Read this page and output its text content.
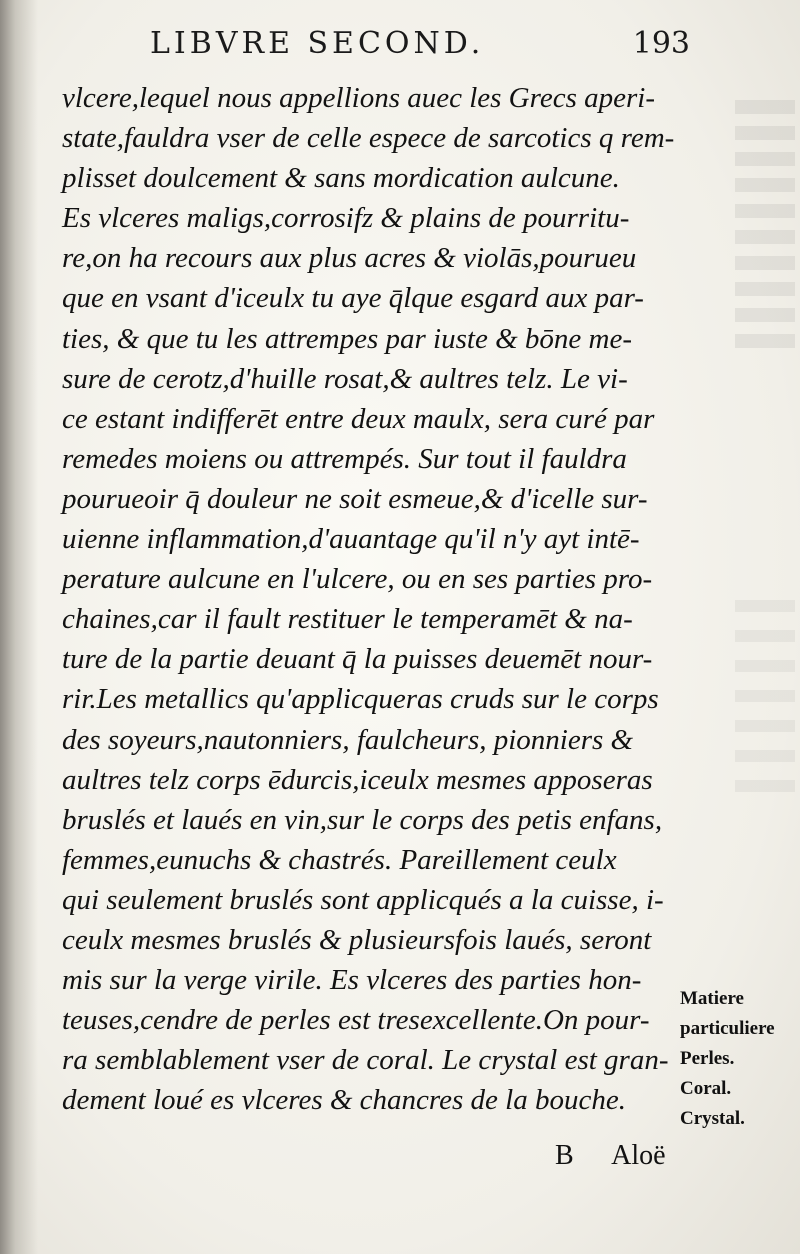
LIBVRE SECOND.	193
vlcere,lequel nous appellions auec les Grecs aperi-
state,fauldra vser de celle espece de sarcotics q rem-
plisset doulcement & sans mordication aulcune.
Es vlceres maligs,corrosifz & plains de pourritu-
re,on ha recours aux plus acres & violās,pourueu
que en vsant d'iceulx tu aye q̄lque esgard aux par-
ties, & que tu les attrempes par iuste & bōne me-
sure de cerotz,d'huille rosat,& aultres telz. Le vi-
ce estant indifferēt entre deux maulx, sera curé par
remedes moiens ou attrempés. Sur tout il fauldra
pourueoir q̄ douleur ne soit esmeue,& d'icelle sur-
uienne inflammation,d'auantage qu'il n'y ayt intē-
perature aulcune en l'ulcere, ou en ses parties pro-
chaines,car il fault restituer le temperamēt & na-
ture de la partie deuant q̄ la puisses deuemēt nour-
rir.Les metallics qu'applicqueras cruds sur le corps
des soyeurs,nautonniers, faulcheurs, pionniers &
aultres telz corps ēdurcis,iceulx mesmes apposeras
bruslés et laués en vin,sur le corps des petis enfans,
femmes,eunuchs & chastrés. Pareillement ceulx
qui seulement bruslés sont applicqués a la cuisse, i-
ceulx mesmes bruslés & plusieursfois laués, seront
mis sur la verge virile. Es vlceres des parties hon-
teuses,cendre de perles est tresexcellente.On pour-
ra semblablement vser de coral. Le crystal est gran-
dement loué es vlceres & chancres de la bouche.
Matiere
particuliere
Perles.
Coral.
Crystal.
B Aloë
